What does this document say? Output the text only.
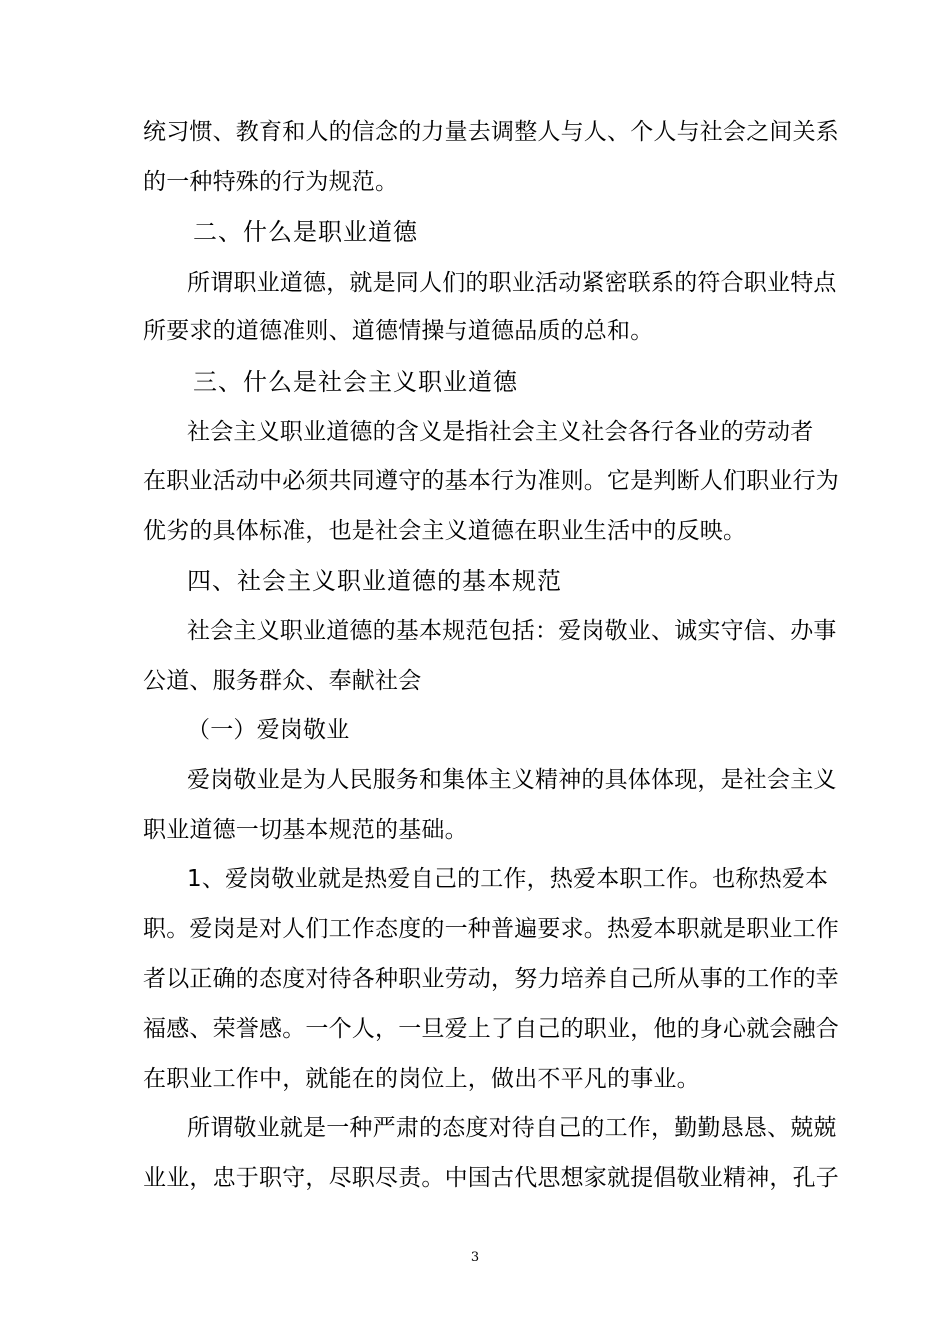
统习惯、教育和人的信念的力量去调整人与人、个人与社会之间关系
的一种特殊的行为规范。
二、什么是职业道德
所谓职业道德，就是同人们的职业活动紧密联系的符合职业特点
所要求的道德准则、道德情操与道德品质的总和。
三、什么是社会主义职业道德
社会主义职业道德的含义是指社会主义社会各行各业的劳动者
在职业活动中必须共同遵守的基本行为准则。它是判断人们职业行为
优劣的具体标准，也是社会主义道德在职业生活中的反映。
四、社会主义职业道德的基本规范
社会主义职业道德的基本规范包括：爱岗敬业、诚实守信、办事
公道、服务群众、奉献社会
（一）爱岗敬业
爱岗敬业是为人民服务和集体主义精神的具体体现，是社会主义
职业道德一切基本规范的基础。
1、爱岗敬业就是热爱自己的工作，热爱本职工作。也称热爱本
职。爱岗是对人们工作态度的一种普遍要求。热爱本职就是职业工作
者以正确的态度对待各种职业劳动，努力培养自己所从事的工作的幸
福感、荣誉感。一个人，一旦爱上了自己的职业，他的身心就会融合
在职业工作中，就能在的岗位上，做出不平凡的事业。
所谓敬业就是一种严肃的态度对待自己的工作，勤勤恳恳、兢兢
业业，忠于职守，尽职尽责。中国古代思想家就提倡敬业精神，孔子
3
